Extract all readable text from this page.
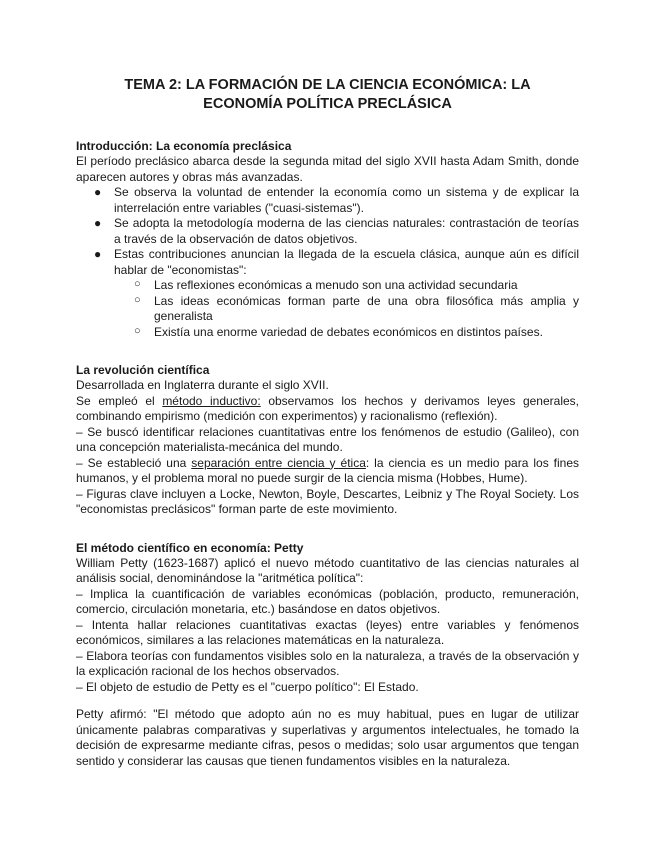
TEMA 2: LA FORMACIÓN DE LA CIENCIA ECONÓMICA: LA ECONOMÍA POLÍTICA PRECLÁSICA
Introducción: La economía preclásica

El período preclásico abarca desde la segunda mitad del siglo XVII hasta Adam Smith, donde aparecen autores y obras más avanzadas.

● Se observa la voluntad de entender la economía como un sistema y de explicar la interrelación entre variables ("cuasi-sistemas").
● Se adopta la metodología moderna de las ciencias naturales: contrastación de teorías a través de la observación de datos objetivos.
● Estas contribuciones anuncian la llegada de la escuela clásica, aunque aún es difícil hablar de "economistas":
○ Las reflexiones económicas a menudo son una actividad secundaria
○ Las ideas económicas forman parte de una obra filosófica más amplia y generalista
○ Existía una enorme variedad de debates económicos en distintos países.
La revolución científica

Desarrollada en Inglaterra durante el siglo XVII.

Se empleó el método inductivo: observamos los hechos y derivamos leyes generales, combinando empirismo (medición con experimentos) y racionalismo (reflexión).

– Se buscó identificar relaciones cuantitativas entre los fenómenos de estudio (Galileo), con una concepción materialista-mecánica del mundo.

– Se estableció una separación entre ciencia y ética: la ciencia es un medio para los fines humanos, y el problema moral no puede surgir de la ciencia misma (Hobbes, Hume).

– Figuras clave incluyen a Locke, Newton, Boyle, Descartes, Leibniz y The Royal Society. Los "economistas preclásicos" forman parte de este movimiento.

El método científico en economía: Petty

William Petty (1623-1687) aplicó el nuevo método cuantitativo de las ciencias naturales al análisis social, denominándose la "aritmética política":

– Implica la cuantificación de variables económicas (población, producto, remuneración, comercio, circulación monetaria, etc.) basándose en datos objetivos.

– Intenta hallar relaciones cuantitativas exactas (leyes) entre variables y fenómenos económicos, similares a las relaciones matemáticas en la naturaleza.

– Elabora teorías con fundamentos visibles solo en la naturaleza, a través de la observación y la explicación racional de los hechos observados.

– El objeto de estudio de Petty es el "cuerpo político": El Estado.

Petty afirmó: "El método que adopto aún no es muy habitual, pues en lugar de utilizar únicamente palabras comparativas y superlativas y argumentos intelectuales, he tomado la decisión de expresarme mediante cifras, pesos o medidas; solo usar argumentos que tengan sentido y considerar las causas que tienen fundamentos visibles en la naturaleza.
